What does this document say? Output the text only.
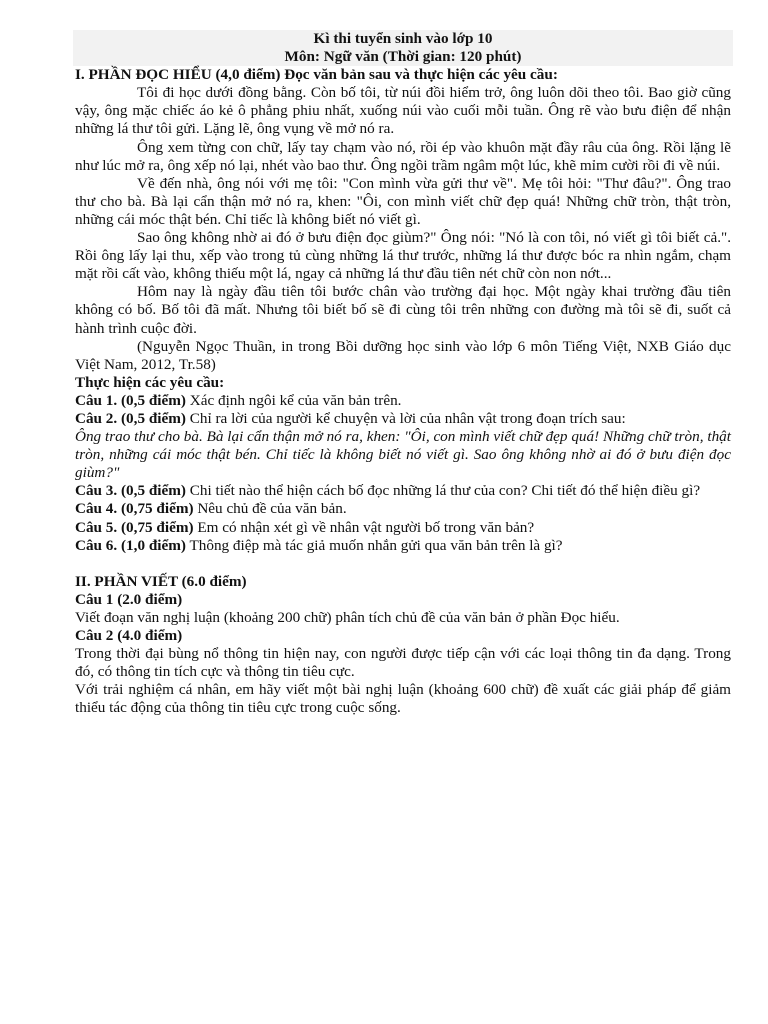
Kì thi tuyển sinh vào lớp 10
Môn: Ngữ văn (Thời gian: 120 phút)
I. PHẦN ĐỌC HIỂU (4,0 điểm) Đọc văn bản sau và thực hiện các yêu cầu:

Tôi đi học dưới đồng bằng. Còn bố tôi, từ núi đồi hiểm trở, ông luôn dõi theo tôi. Bao giờ cũng vậy, ông mặc chiếc áo kẻ ô phẳng phiu nhất, xuống núi vào cuối mỗi tuần. Ông rẽ vào bưu điện để nhận những lá thư tôi gửi. Lặng lẽ, ông vụng về mở nó ra.

Ông xem từng con chữ, lấy tay chạm vào nó, rồi ép vào khuôn mặt đầy râu của ông. Rồi lặng lẽ như lúc mở ra, ông xếp nó lại, nhét vào bao thư. Ông ngồi trầm ngâm một lúc, khẽ mỉm cười rồi đi về núi.

Về đến nhà, ông nói với mẹ tôi: "Con mình vừa gửi thư về". Mẹ tôi hỏi: "Thư đâu?". Ông trao thư cho bà. Bà lại cẩn thận mở nó ra, khen: "Ôi, con mình viết chữ đẹp quá! Những chữ tròn, thật tròn, những cái móc thật bén. Chỉ tiếc là không biết nó viết gì.

Sao ông không nhờ ai đó ở bưu điện đọc giùm?" Ông nói: "Nó là con tôi, nó viết gì tôi biết cả.". Rồi ông lấy lại thu, xếp vào trong tủ cùng những lá thư trước, những lá thư được bóc ra nhìn ngắm, chạm mặt rồi cất vào, không thiếu một lá, ngay cả những lá thư đầu tiên nét chữ còn non nớt...

Hôm nay là ngày đầu tiên tôi bước chân vào trường đại học. Một ngày khai trường đầu tiên không có bố. Bố tôi đã mất. Nhưng tôi biết bố sẽ đi cùng tôi trên những con đường mà tôi sẽ đi, suốt cả hành trình cuộc đời.

(Nguyễn Ngọc Thuần, in trong Bồi dưỡng học sinh vào lớp 6 môn Tiếng Việt, NXB Giáo dục Việt Nam, 2012, Tr.58)

Thực hiện các yêu cầu:

Câu 1. (0,5 điểm) Xác định ngôi kể của văn bản trên.

Câu 2. (0,5 điểm) Chỉ ra lời của người kể chuyện và lời của nhân vật trong đoạn trích sau:

Ông trao thư cho bà. Bà lại cẩn thận mở nó ra, khen: "Ôi, con mình viết chữ đẹp quá! Những chữ tròn, thật tròn, những cái móc thật bén. Chỉ tiếc là không biết nó viết gì. Sao ông không nhờ ai đó ở bưu điện đọc giùm?"

Câu 3. (0,5 điểm) Chi tiết nào thể hiện cách bố đọc những lá thư của con? Chi tiết đó thể hiện điều gì?

Câu 4. (0,75 điểm) Nêu chủ đề của văn bản.

Câu 5. (0,75 điểm) Em có nhận xét gì về nhân vật người bố trong văn bản?

Câu 6. (1,0 điểm) Thông điệp mà tác giả muốn nhắn gửi qua văn bản trên là gì?

II. PHẦN VIẾT (6.0 điểm)
Câu 1 (2.0 điểm)

Viết đoạn văn nghị luận (khoảng 200 chữ) phân tích chủ đề của văn bản ở phần Đọc hiểu.

Câu 2 (4.0 điểm)

Trong thời đại bùng nổ thông tin hiện nay, con người được tiếp cận với các loại thông tin đa dạng. Trong đó, có thông tin tích cực và thông tin tiêu cực.

Với trải nghiệm cá nhân, em hãy viết một bài nghị luận (khoảng 600 chữ) đề xuất các giải pháp để giảm thiểu tác động của thông tin tiêu cực trong cuộc sống.
